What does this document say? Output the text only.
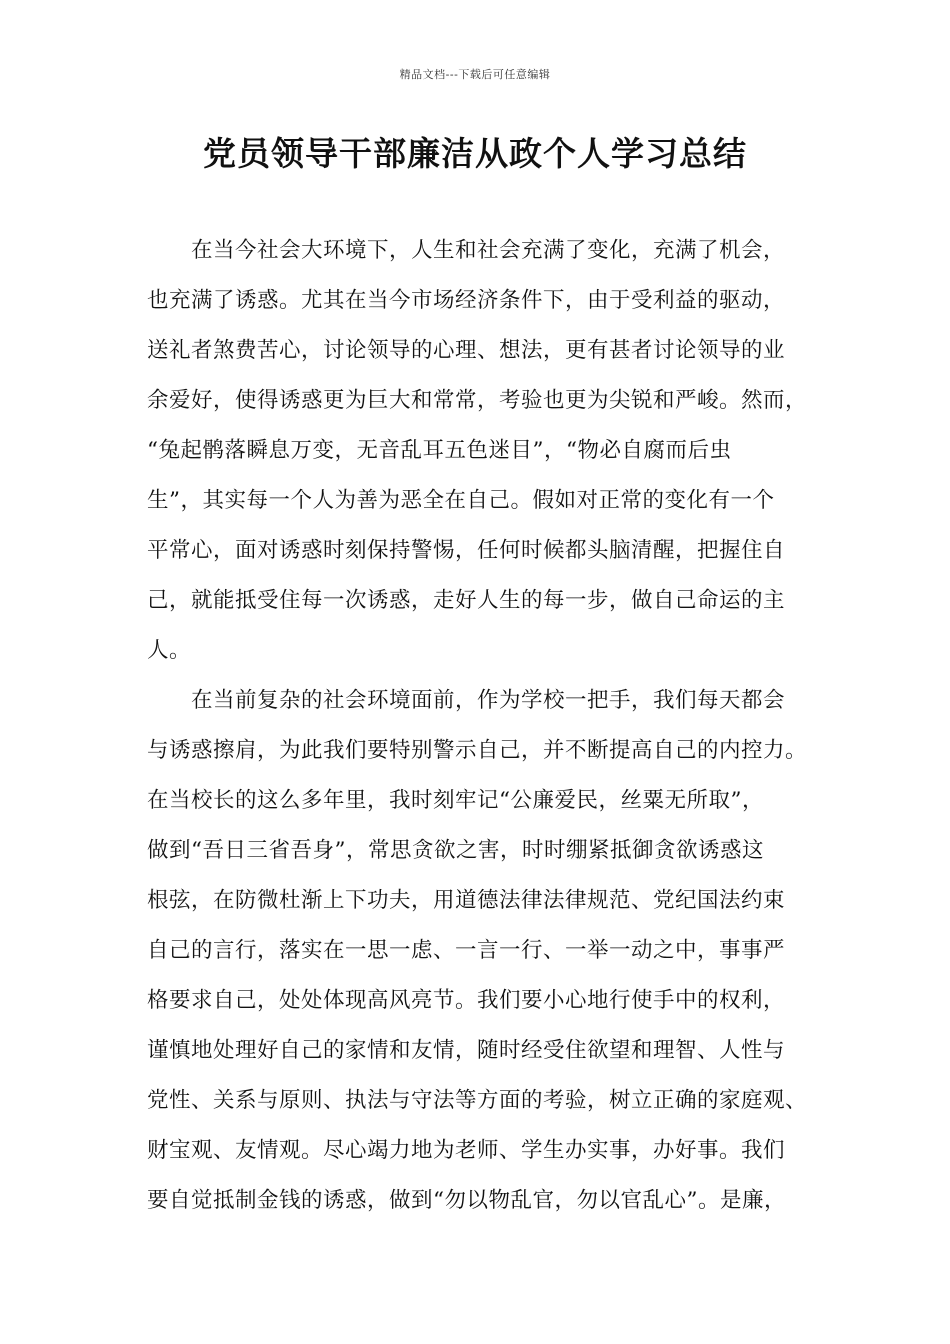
精品文档---下载后可任意编辑
党员领导干部廉洁从政个人学习总结

在当今社会大环境下，人生和社会充满了变化，充满了机会，
也充满了诱惑。尤其在当今市场经济条件下，由于受利益的驱动，
送礼者煞费苦心，讨论领导的心理、想法，更有甚者讨论领导的业
余爱好，使得诱惑更为巨大和常常，考验也更为尖锐和严峻。然而，
“兔起鹘落瞬息万变，无音乱耳五色迷目”，“物必自腐而后虫
生”，其实每一个人为善为恶全在自己。假如对正常的变化有一个
平常心，面对诱惑时刻保持警惕，任何时候都头脑清醒，把握住自
己，就能抵受住每一次诱惑，走好人生的每一步，做自己命运的主
人。

在当前复杂的社会环境面前，作为学校一把手，我们每天都会
与诱惑擦肩，为此我们要特别警示自己，并不断提高自己的内控力。
在当校长的这么多年里，我时刻牢记“公廉爱民，丝粟无所取”，
做到“吾日三省吾身”，常思贪欲之害，时时绷紧抵御贪欲诱惑这
根弦，在防微杜渐上下功夫，用道德法律法律规范、党纪国法约束
自己的言行，落实在一思一虑、一言一行、一举一动之中，事事严
格要求自己，处处体现高风亮节。我们要小心地行使手中的权利，
谨慎地处理好自己的家情和友情，随时经受住欲望和理智、人性与
党性、关系与原则、执法与守法等方面的考验，树立正确的家庭观、
财宝观、友情观。尽心竭力地为老师、学生办实事，办好事。我们
要自觉抵制金钱的诱惑，做到“勿以物乱官，勿以官乱心”。是廉，
